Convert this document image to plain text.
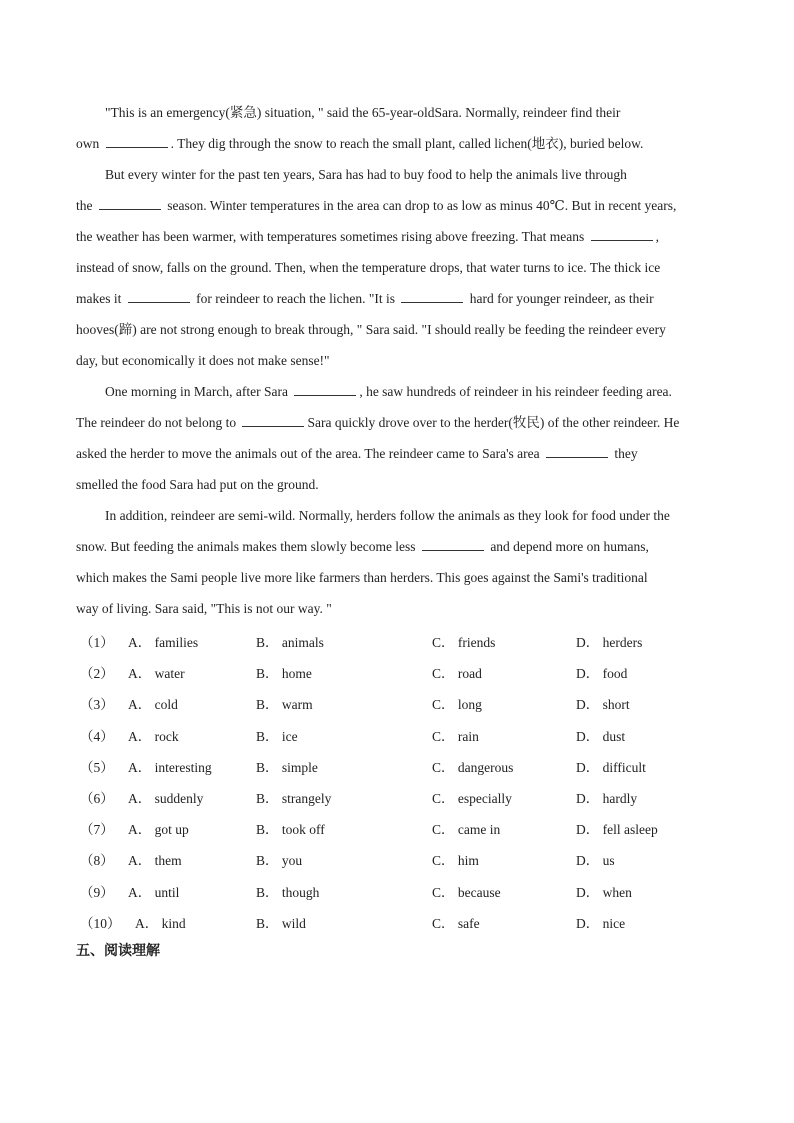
"This is an emergency(紧急) situation, " said the 65-year-oldSara. Normally, reindeer find their
own	. They dig through the snow to reach the small plant, called lichen(地衣), buried below.
But every winter for the past ten years, Sara has had to buy food to help the animals live through
the	season. Winter temperatures in the area can drop to as low as minus 40℃. But in recent years,
the weather has been warmer, with temperatures sometimes rising above freezing. That means	,
instead of snow, falls on the ground. Then, when the temperature drops, that water turns to ice. The thick ice
makes it	for reindeer to reach the lichen. "It is	hard for younger reindeer, as their
hooves(蹄) are not strong enough to break through, " Sara said. "I should really be feeding the reindeer every
day, but economically it does not make sense!"
One morning in March, after Sara	, he saw hundreds of reindeer in his reindeer feeding area.
The reindeer do not belong to	Sara quickly drove over to the herder(牧民) of the other reindeer. He
asked the herder to move the animals out of the area. The reindeer came to Sara's area	they
smelled the food Sara had put on the ground.
In addition, reindeer are semi-wild. Normally, herders follow the animals as they look for food under the
snow. But feeding the animals makes them slowly become less	and depend more on humans,
which makes the Sami people live more like farmers than herders. This goes against the Sami's traditional
way of living. Sara said, "This is not our way. "
（1） A． families	B． animals	C． friends	D． herders
（2） A． water	B． home	C． road	D． food
（3） A． cold	B． warm	C． long	D． short
（4） A． rock	B． ice	C． rain	D． dust
（5） A． interesting	B． simple	C． dangerous	D． difficult
（6） A． suddenly	B． strangely	C． especially	D． hardly
（7） A． got up	B． took off	C． came in	D． fell asleep
（8） A． them	B． you	C． him	D． us
（9） A． until	B． though	C． because	D． when
（10） A． kind	B． wild	C． safe	D． nice
五、阅读理解
